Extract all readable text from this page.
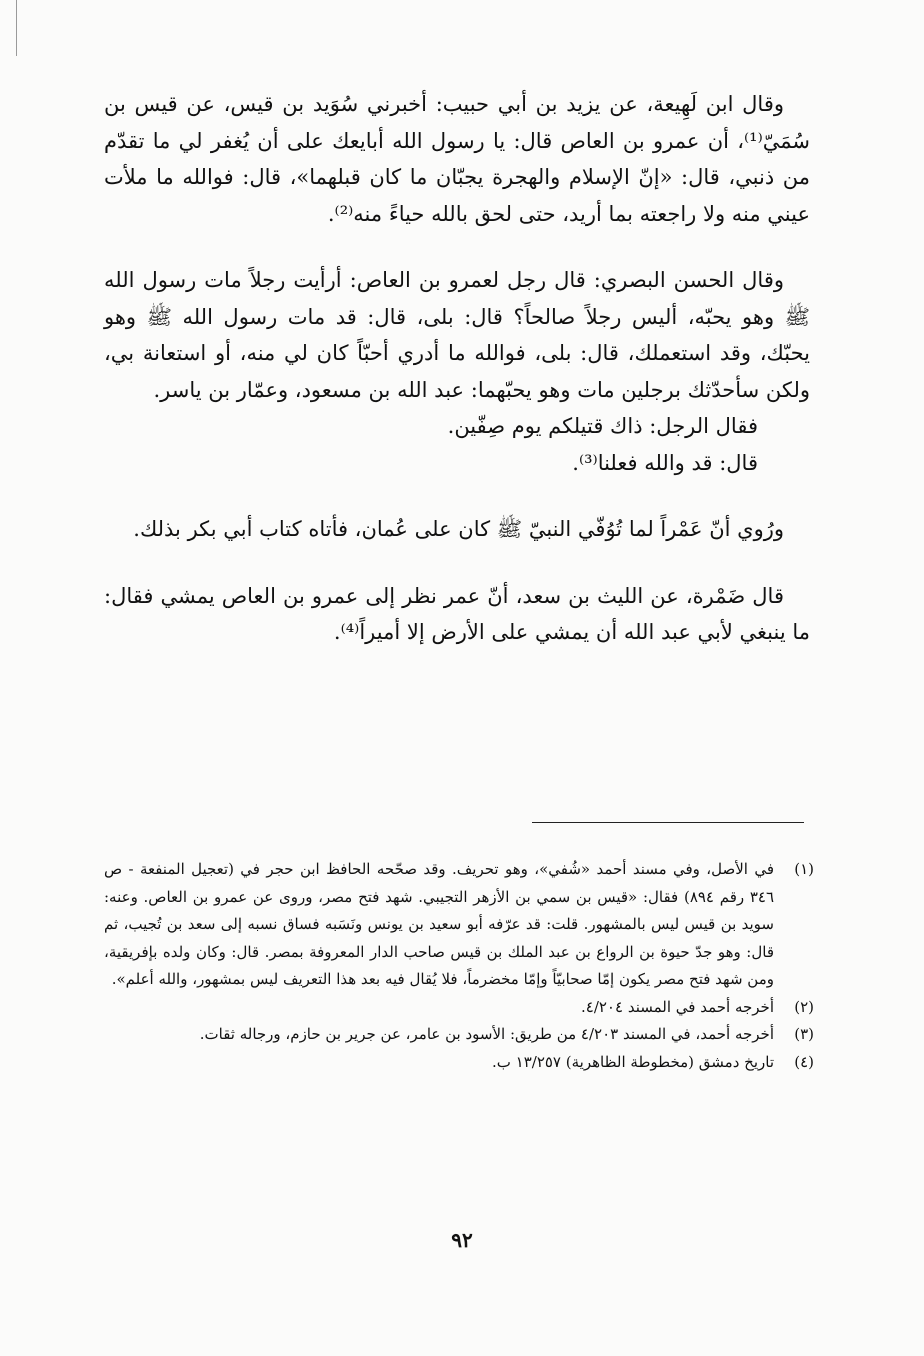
وقال ابن لَهِيعة، عن يزيد بن أبي حبيب: أخبرني سُوَيد بن قيس، عن قيس بن سُمَيّ⁽¹⁾، أن عمرو بن العاص قال: يا رسول الله أبايعك على أن يُغفر لي ما تقدّم من ذنبي، قال: «إنّ الإسلام والهجرة يجبّان ما كان قبلهما»، قال: فوالله ما ملأت عيني منه ولا راجعته بما أريد، حتى لحق بالله حياءً منه⁽²⁾.

وقال الحسن البصري: قال رجل لعمرو بن العاص: أرأيت رجلاً مات رسول الله ﷺ وهو يحبّه، أليس رجلاً صالحاً؟ قال: بلى، قال: قد مات رسول الله ﷺ وهو يحبّك، وقد استعملك، قال: بلى، فوالله ما أدري أحبّاً كان لي منه، أو استعانة بي، ولكن سأحدّثك برجلين مات وهو يحبّهما: عبد الله بن مسعود، وعمّار بن ياسر.

فقال الرجل: ذاك قتيلكم يوم صِفّين.

قال: قد والله فعلنا⁽³⁾.

ورُوي أنّ عَمْراً لما تُوُفّي النبيّ ﷺ كان على عُمان، فأتاه كتاب أبي بكر بذلك.

قال ضَمْرة، عن الليث بن سعد، أنّ عمر نظر إلى عمرو بن العاص يمشي فقال: ما ينبغي لأبي عبد الله أن يمشي على الأرض إلا أميراً⁽⁴⁾.

(١)
في الأصل، وفي مسند أحمد «شُفي»، وهو تحريف. وقد صحّحه الحافظ ابن حجر في (تعجيل المنفعة - ص ٣٤٦ رقم ٨٩٤) فقال: «قيس بن سمي بن الأزهر التجيبي. شهد فتح مصر، وروى عن عمرو بن العاص. وعنه: سويد بن قيس ليس بالمشهور. قلت: قد عرّفه أبو سعيد بن يونس ونَسَبه فساق نسبه إلى سعد بن تُجيب، ثم قال: وهو جدّ حيوة بن الرواع بن عبد الملك بن قيس صاحب الدار المعروفة بمصر. قال: وكان ولده بإفريقية، ومن شهد فتح مصر يكون إمّا صحابيّاً وإمّا مخضرماً، فلا يُقال فيه بعد هذا التعريف ليس بمشهور، والله أعلم».
(٢)
أخرجه أحمد في المسند ٤/٢٠٤.
(٣)
أخرجه أحمد، في المسند ٤/٢٠٣ من طريق: الأسود بن عامر، عن جرير بن حازم، ورجاله ثقات.
(٤)
تاريخ دمشق (مخطوطة الظاهرية) ١٣/٢٥٧ ب.
٩٢
